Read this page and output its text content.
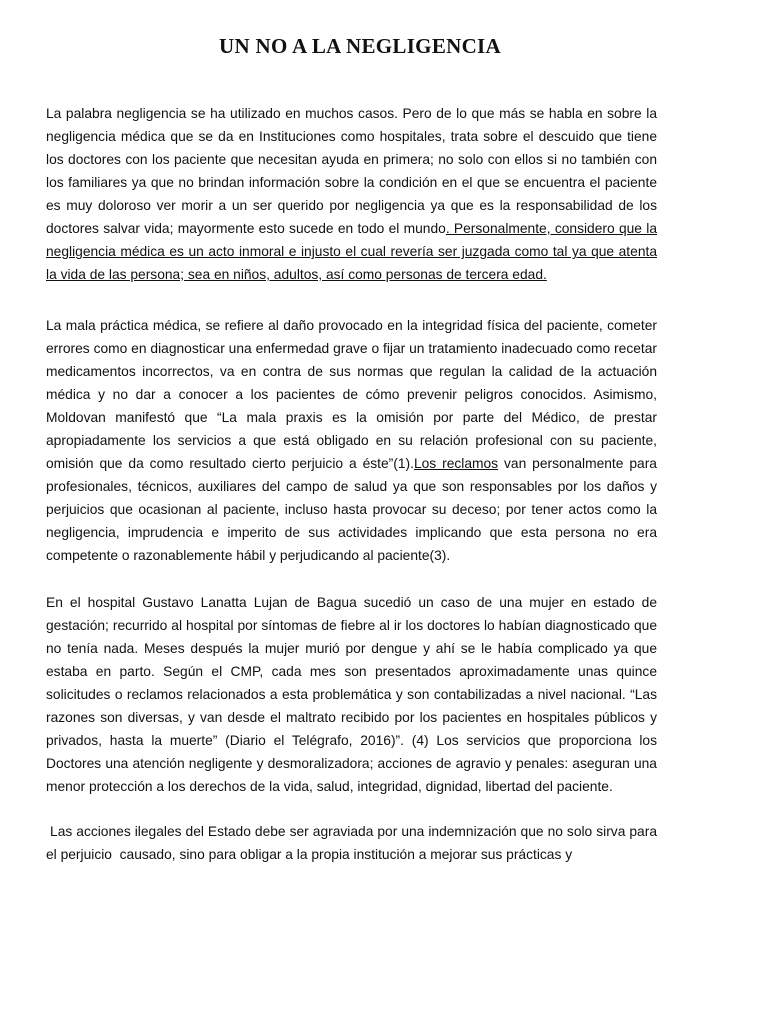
UN NO A LA NEGLIGENCIA

La palabra negligencia se ha utilizado en muchos casos. Pero de lo que más se habla en sobre la negligencia médica que se da en Instituciones como hospitales, trata sobre el descuido que tiene los doctores con los paciente que necesitan ayuda en primera; no solo con ellos si no también con los familiares ya que no brindan información sobre la condición en el que se encuentra el paciente es muy doloroso ver morir a un ser querido por negligencia ya que es la responsabilidad de los doctores salvar vida; mayormente esto sucede en todo el mundo. Personalmente, considero que la negligencia médica es un acto inmoral e injusto el cual revería ser juzgada como tal ya que atenta la vida de las persona; sea en niños, adultos, así como personas de tercera edad.

La mala práctica médica, se refiere al daño provocado en la integridad física del paciente, cometer errores como en diagnosticar una enfermedad grave o fijar un tratamiento inadecuado como recetar medicamentos incorrectos, va en contra de sus normas que regulan la calidad de la actuación médica y no dar a conocer a los pacientes de cómo prevenir peligros conocidos. Asimismo, Moldovan manifestó que “La mala praxis es la omisión por parte del Médico, de prestar apropiadamente los servicios a que está obligado en su relación profesional con su paciente, omisión que da como resultado cierto perjuicio a éste”(1).Los reclamos van personalmente para profesionales, técnicos, auxiliares del campo de salud ya que son responsables por los daños y perjuicios que ocasionan al paciente, incluso hasta provocar su deceso; por tener actos como la negligencia, imprudencia e imperito de sus actividades implicando que esta persona no era competente o razonablemente hábil y perjudicando al paciente(3).

En el hospital Gustavo Lanatta Lujan de Bagua sucedió un caso de una mujer en estado de gestación; recurrido al hospital por síntomas de fiebre al ir los doctores lo habían diagnosticado que no tenía nada. Meses después la mujer murió por dengue y ahí se le había complicado ya que estaba en parto. Según el CMP, cada mes son presentados aproximadamente unas quince solicitudes o reclamos relacionados a esta problemática y son contabilizadas a nivel nacional. “Las razones son diversas, y van desde el maltrato recibido por los pacientes en hospitales públicos y privados, hasta la muerte” (Diario el Telégrafo, 2016)”. (4) Los servicios que proporciona los Doctores una atención negligente y desmoralizadora; acciones de agravio y penales: aseguran una menor protección a los derechos de la vida, salud, integridad, dignidad, libertad del paciente.

Las acciones ilegales del Estado debe ser agraviada por una indemnización que no solo sirva para  el perjuicio  causado, sino para obligar a la propia institución a mejorar sus prácticas y
